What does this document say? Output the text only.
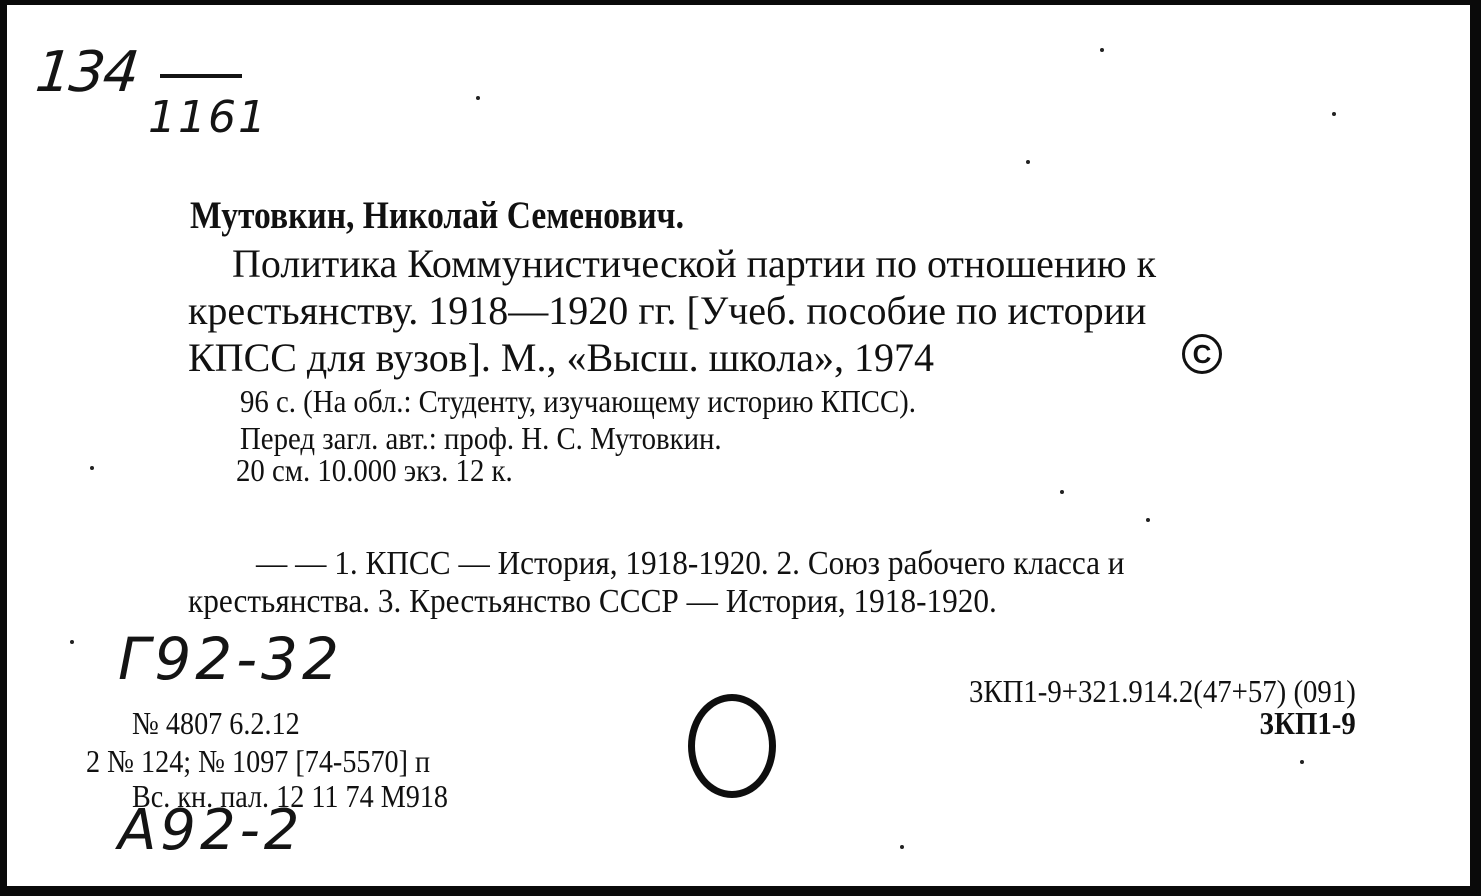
134
1161
Мутовкин, Николай Семенович.
Политика Коммунистической партии по отношению к
крестьянству. 1918—1920 гг. [Учеб. пособие по истории
КПСС для вузов]. М., «Высш. школа», 1974	C
96 с. (На обл.: Студенту, изучающему историю КПСС).
Перед загл. авт.: проф. Н. С. Мутовкин.
20 см. 10.000 экз. 12 к.
— — 1. КПСС — История, 1918-1920. 2. Союз рабочего класса и
крестьянства. 3. Крестьянство СССР — История, 1918-1920.
Г92-32	3КП1-9+321.914.2(47+57) (091)
3КП1-9
№ 4807 6.2.12
2 № 124; № 1097 [74-5570] п
Вс. кн. пал. 12 11 74 М918
A92-2
